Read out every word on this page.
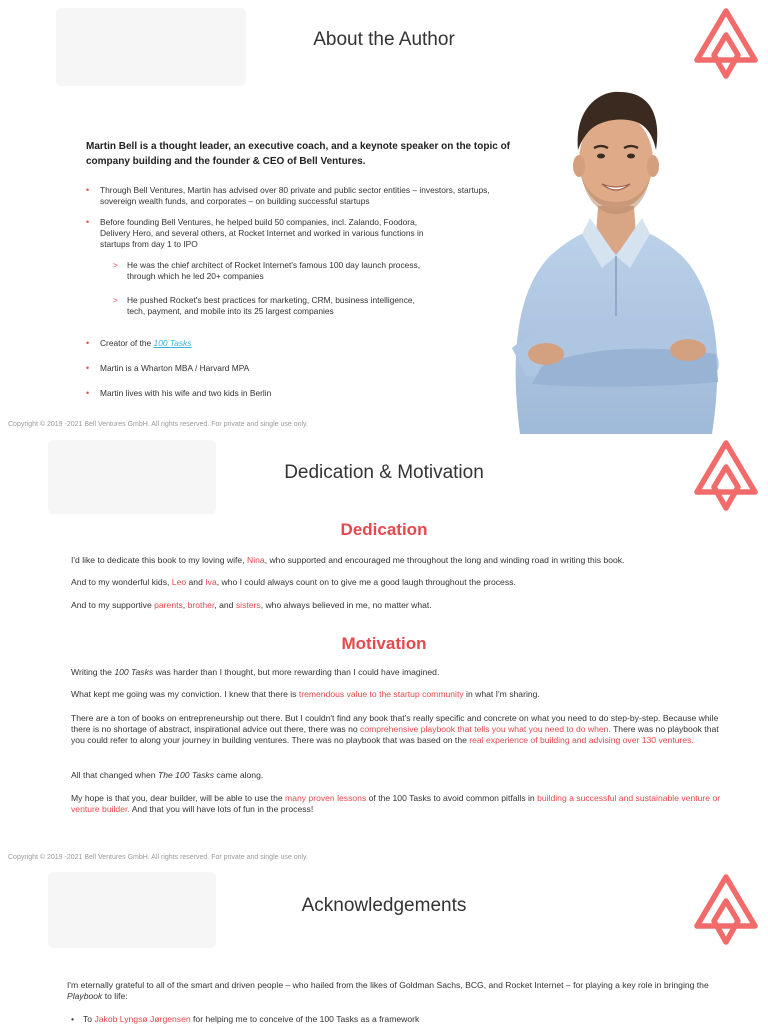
About the Author

Martin Bell is a thought leader, an executive coach, and a keynote speaker on the topic of company building and the founder & CEO of Bell Ventures.

• Through Bell Ventures, Martin has advised over 80 private and public sector entities – investors, startups, sovereign wealth funds, and corporates – on building successful startups

• Before founding Bell Ventures, he helped build 50 companies, incl. Zalando, Foodora, Delivery Hero, and several others, at Rocket Internet and worked in various functions in startups from day 1 to IPO

> He was the chief architect of Rocket Internet's famous 100 day launch process, through which he led 20+ companies

> He pushed Rocket's best practices for marketing, CRM, business intelligence, tech, payment, and mobile into its 25 largest companies

• Creator of the 100 Tasks

• Martin is a Wharton MBA / Harvard MPA

• Martin lives with his wife and two kids in Berlin

Copyright © 2019 -2021 Bell Ventures GmbH. All rights reserved. For private and single use only.
Dedication & Motivation
Dedication

I'd like to dedicate this book to my loving wife, Nina, who supported and encouraged me throughout the long and winding road in writing this book.

And to my wonderful kids, Leo and Iva, who I could always count on to give me a good laugh throughout the process.

And to my supportive parents, brother, and sisters, who always believed in me, no matter what.

Motivation

Writing the 100 Tasks was harder than I thought, but more rewarding than I could have imagined.

What kept me going was my conviction. I knew that there is tremendous value to the startup community in what I'm sharing.

There are a ton of books on entrepreneurship out there. But I couldn't find any book that's really specific and concrete on what you need to do step-by-step. Because while there is no shortage of abstract, inspirational advice out there, there was no comprehensive playbook that tells you what you need to do when. There was no playbook that you could refer to along your journey in building ventures. There was no playbook that was based on the real experience of building and advising over 130 ventures.

All that changed when The 100 Tasks came along.

My hope is that you, dear builder, will be able to use the many proven lessons of the 100 Tasks to avoid common pitfalls in building a successful and sustainable venture or venture builder. And that you will have lots of fun in the process!

Copyright © 2019 -2021 Bell Ventures GmbH. All rights reserved. For private and single use only.
Acknowledgements

I'm eternally grateful to all of the smart and driven people – who hailed from the likes of Goldman Sachs, BCG, and Rocket Internet – for playing a key role in bringing the Playbook to life:

• To Jakob Lyngsø Jørgensen for helping me to conceive of the 100 Tasks as a framework
